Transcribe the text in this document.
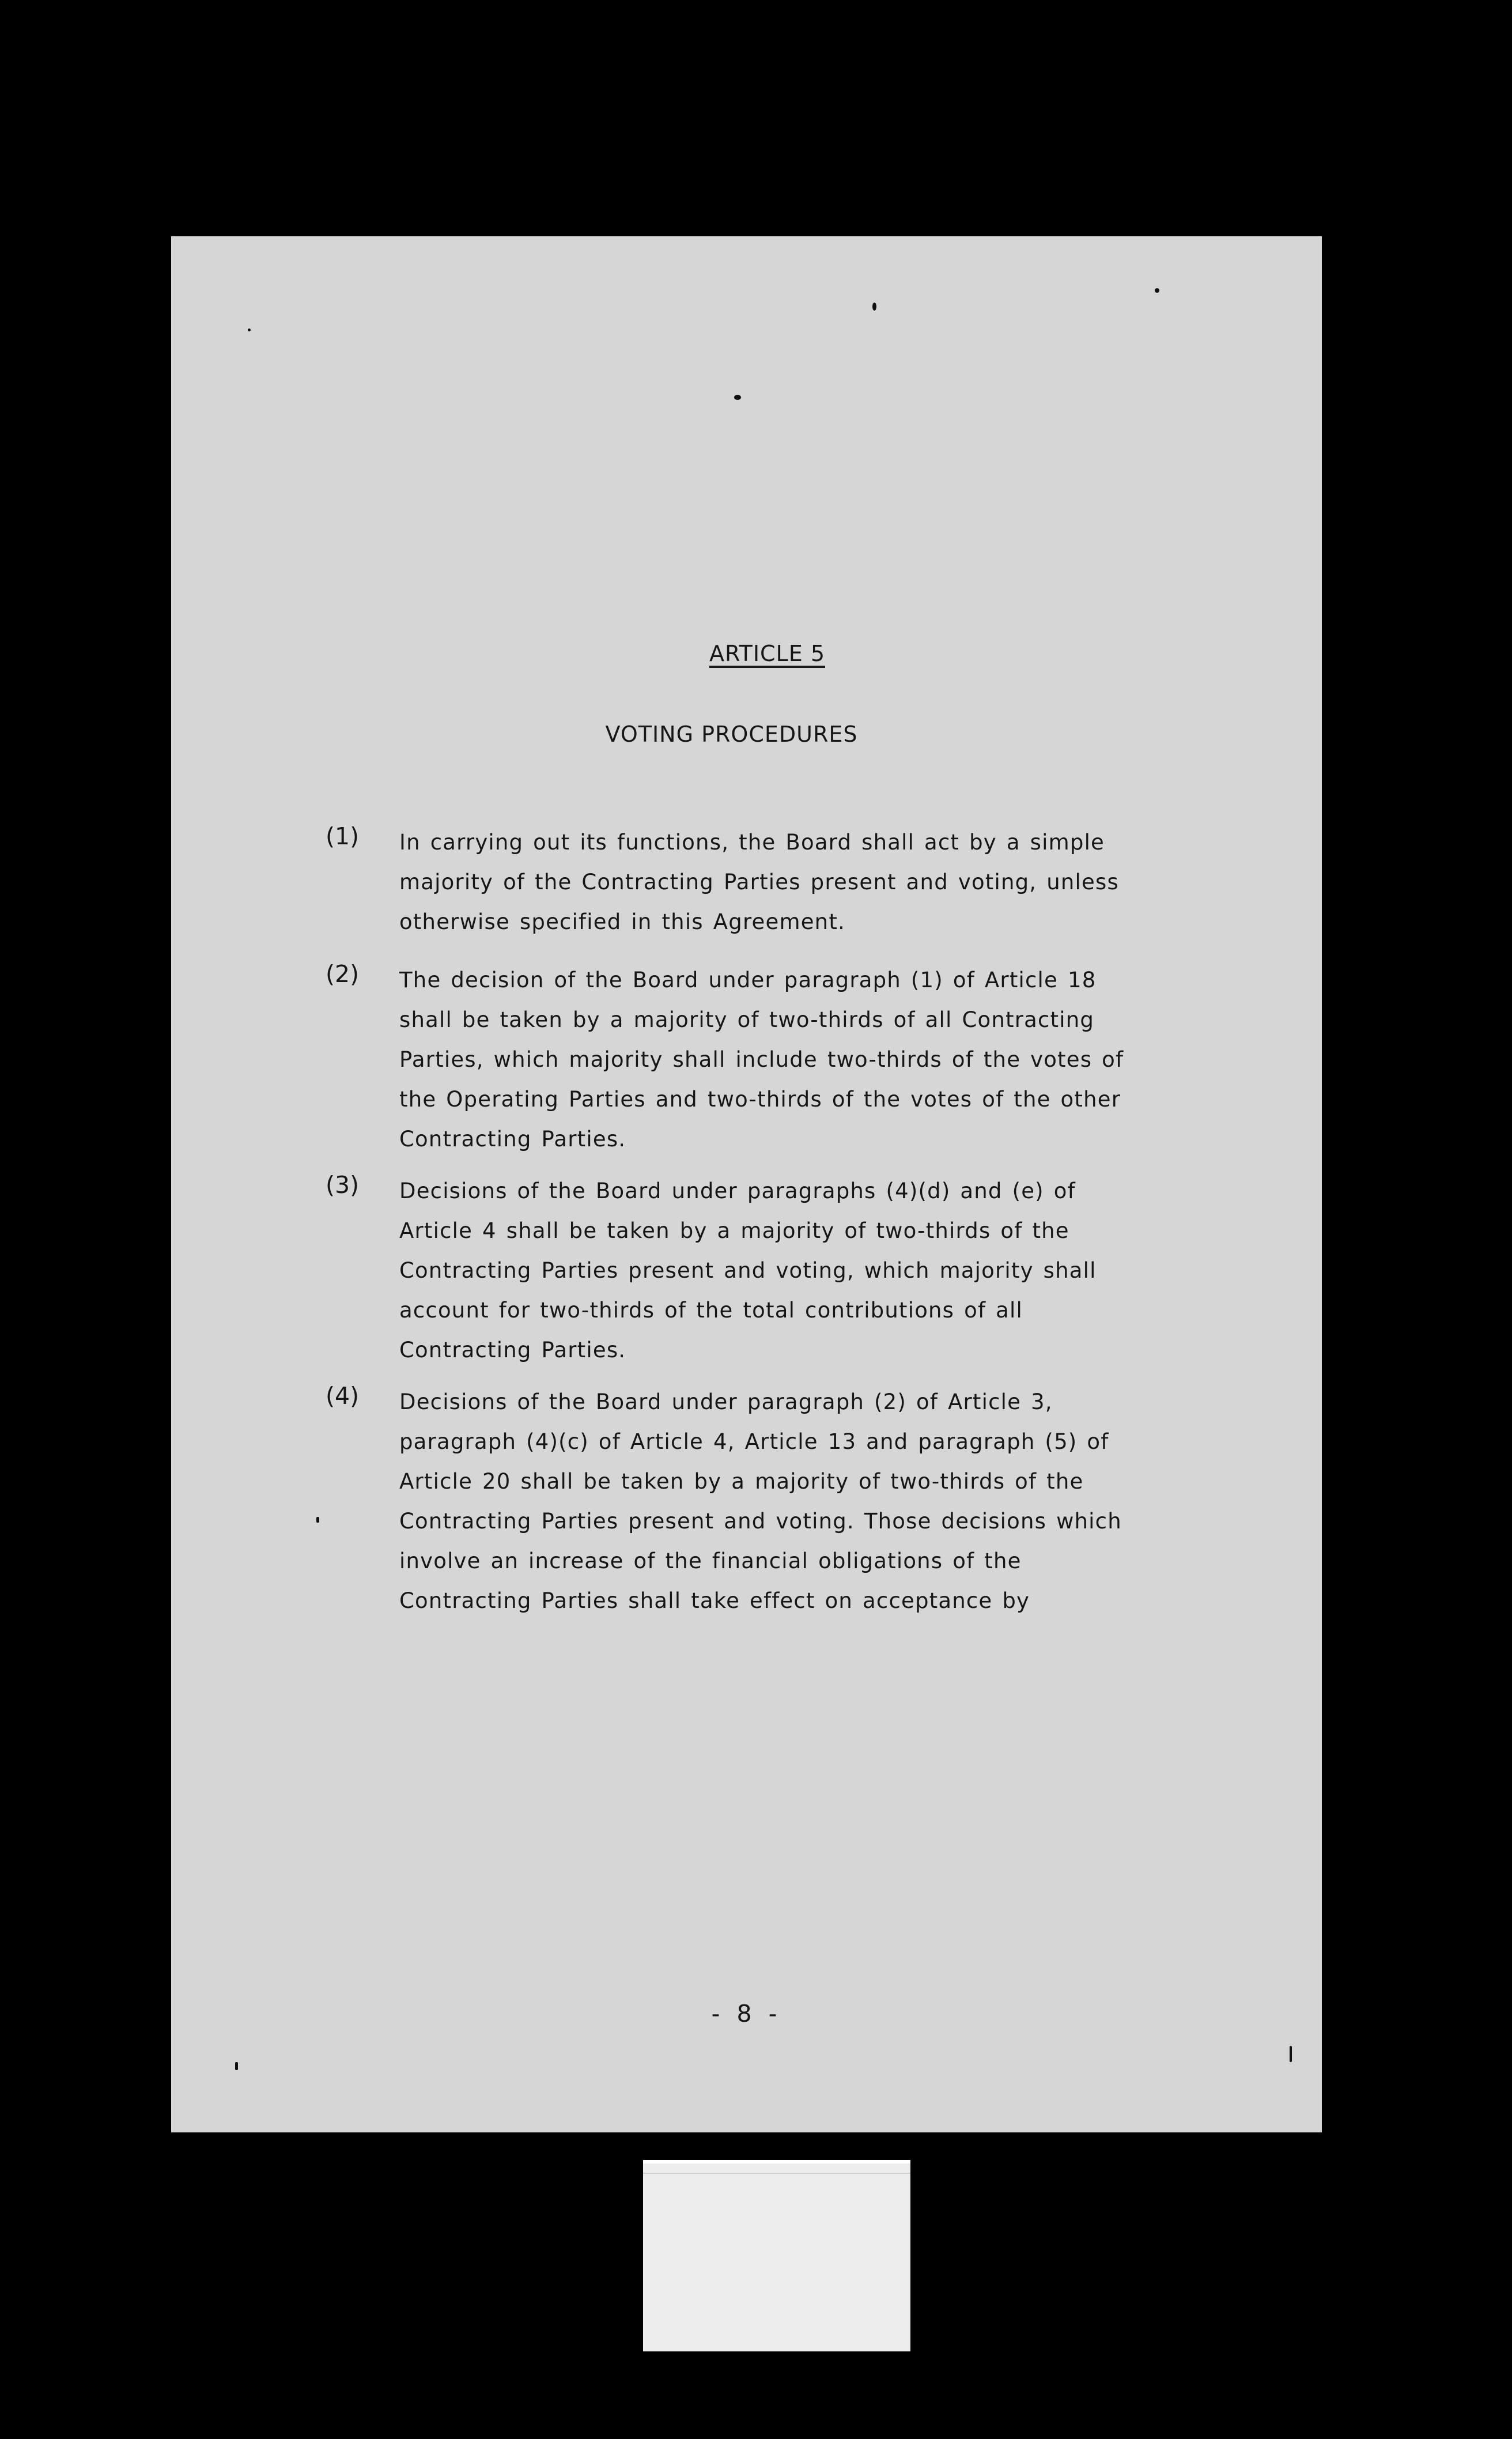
ARTICLE 5
VOTING PROCEDURES
(1)	In carrying out its functions, the Board shall act by a simple majority of the Contracting Parties present and voting, unless otherwise specified in this Agreement.
(2)	The decision of the Board under paragraph (1) of Article 18 shall be taken by a majority of two-thirds of all Contracting Parties, which majority shall include two-thirds of the votes of the Operating Parties and two-thirds of the votes of the other Contracting Parties.
(3)	Decisions of the Board under paragraphs (4)(d) and (e) of Article 4 shall be taken by a majority of two-thirds of the Contracting Parties present and voting, which majority shall account for two-thirds of the total contributions of all Contracting Parties.
(4)	Decisions of the Board under paragraph (2) of Article 3, paragraph (4)(c) of Article 4, Article 13 and paragraph (5) of Article 20 shall be taken by a majority of two-thirds of the Contracting Parties present and voting. Those decisions which involve an increase of the financial obligations of the Contracting Parties shall take effect on acceptance by
- 8 -
